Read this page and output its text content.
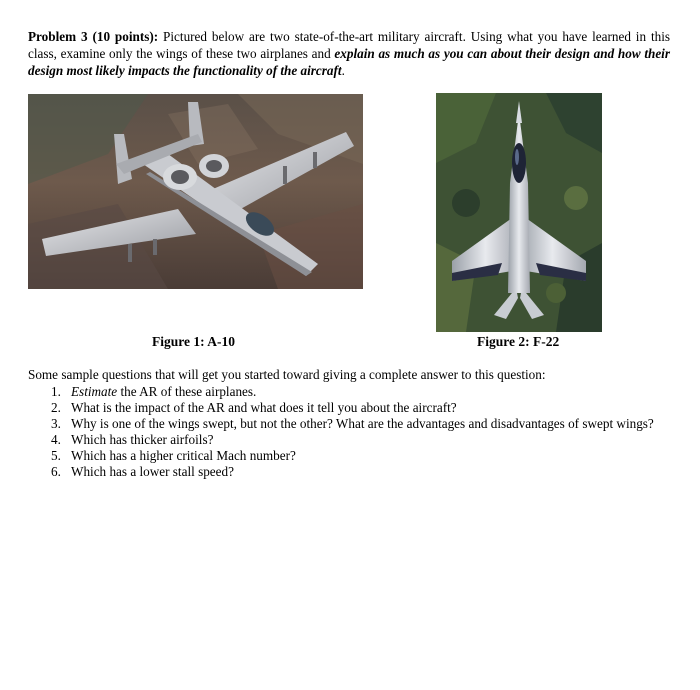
Problem 3 (10 points): Pictured below are two state-of-the-art military aircraft. Using what you have learned in this class, examine only the wings of these two airplanes and explain as much as you can about their design and how their design most likely impacts the functionality of the aircraft.
Figure 1: A-10	Figure 2: F-22
Some sample questions that will get you started toward giving a complete answer to this question:
1. Estimate the AR of these airplanes.
2. What is the impact of the AR and what does it tell you about the aircraft?
3. Why is one of the wings swept, but not the other? What are the advantages and disadvantages of swept wings?
4. Which has thicker airfoils?
5. Which has a higher critical Mach number?
6. Which has a lower stall speed?
